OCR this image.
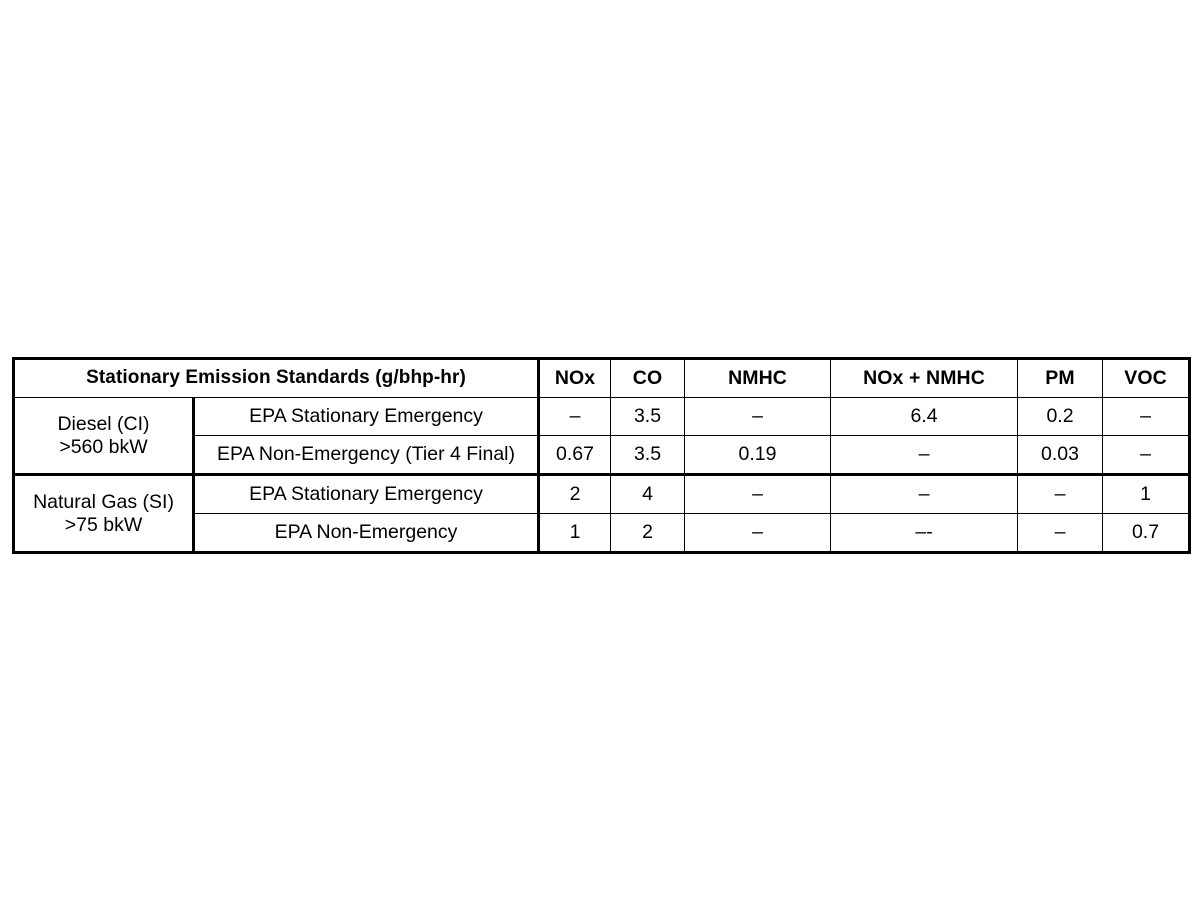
Stationary Emission Standards (g/bhp-hr)		NOx	CO	NMHC	NOx + NMHC	PM	VOC

Diesel (CI)
>560 bkW	EPA Stationary Emergency	–	3.5	–	6.4	0.2	–
	EPA Non-Emergency (Tier 4 Final)	0.67	3.5	0.19	–	0.03	–

Natural Gas (SI)
>75 bkW	EPA Stationary Emergency	2	4	–	–	–	1
	EPA Non-Emergency	1	2	–	–-	–	0.7
